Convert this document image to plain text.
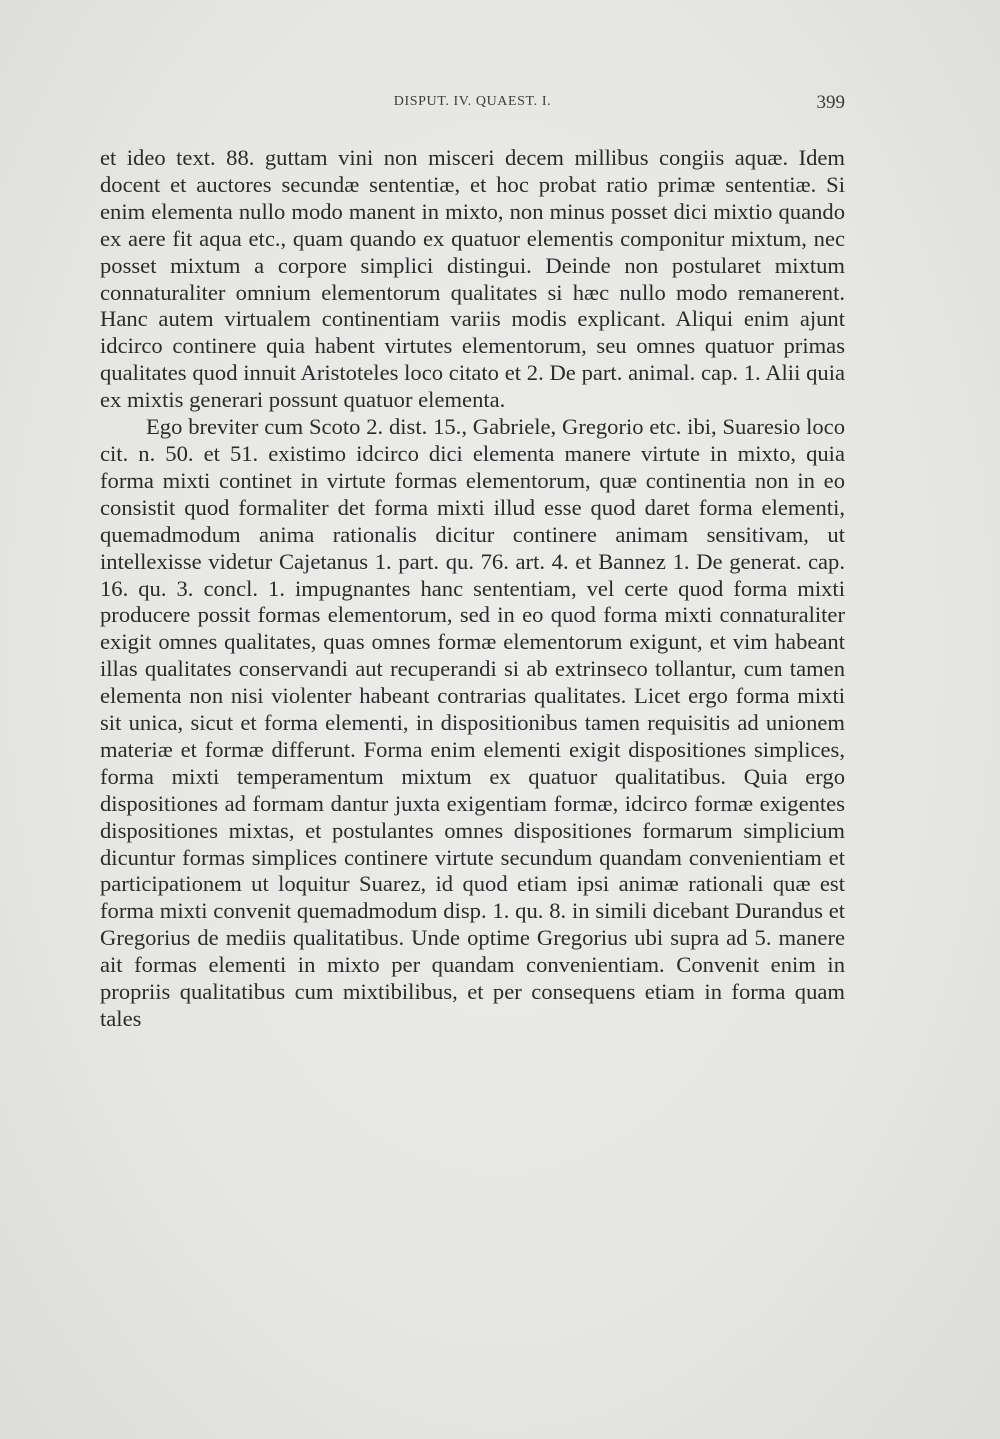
DISPUT. IV. QUAEST. I.	399

et ideo text. 88. guttam vini non misceri decem millibus congiis aquæ. Idem docent et auctores secundæ sententiæ, et hoc probat ratio primæ sententiæ. Si enim elementa nullo modo manent in mixto, non minus posset dici mixtio quando ex aere fit aqua etc., quam quando ex quatuor elementis componitur mixtum, nec posset mixtum a corpore simplici distingui. Deinde non postularet mixtum connaturaliter omnium elementorum qualitates si hæc nullo modo remanerent. Hanc autem virtualem continentiam variis modis explicant. Aliqui enim ajunt idcirco continere quia habent virtutes elementorum, seu omnes quatuor primas qualitates quod innuit Aristoteles loco citato et 2. De part. animal. cap. 1. Alii quia ex mixtis generari possunt quatuor elementa.

Ego breviter cum Scoto 2. dist. 15., Gabriele, Gregorio etc. ibi, Suaresio loco cit. n. 50. et 51. existimo idcirco dici elementa manere virtute in mixto, quia forma mixti continet in virtute formas elementorum, quæ continentia non in eo consistit quod formaliter det forma mixti illud esse quod daret forma elementi, quemadmodum anima rationalis dicitur continere animam sensitivam, ut intellexisse videtur Cajetanus 1. part. qu. 76. art. 4. et Bannez 1. De generat. cap. 16. qu. 3. concl. 1. impugnantes hanc sententiam, vel certe quod forma mixti producere possit formas elementorum, sed in eo quod forma mixti connaturaliter exigit omnes qualitates, quas omnes formæ elementorum exigunt, et vim habeant illas qualitates conservandi aut recuperandi si ab extrinseco tollantur, cum tamen elementa non nisi violenter habeant contrarias qualitates. Licet ergo forma mixti sit unica, sicut et forma elementi, in dispositionibus tamen requisitis ad unionem materiæ et formæ differunt. Forma enim elementi exigit dispositiones simplices, forma mixti temperamentum mixtum ex quatuor qualitatibus. Quia ergo dispositiones ad formam dantur juxta exigentiam formæ, idcirco formæ exigentes dispositiones mixtas, et postulantes omnes dispositiones formarum simplicium dicuntur formas simplices continere virtute secundum quandam convenientiam et participationem ut loquitur Suarez, id quod etiam ipsi animæ rationali quæ est forma mixti convenit quemadmodum disp. 1. qu. 8. in simili dicebant Durandus et Gregorius de mediis qualitatibus. Unde optime Gregorius ubi supra ad 5. manere ait formas elementi in mixto per quandam convenientiam. Convenit enim in propriis qualitatibus cum mixtibilibus, et per consequens etiam in forma quam tales
